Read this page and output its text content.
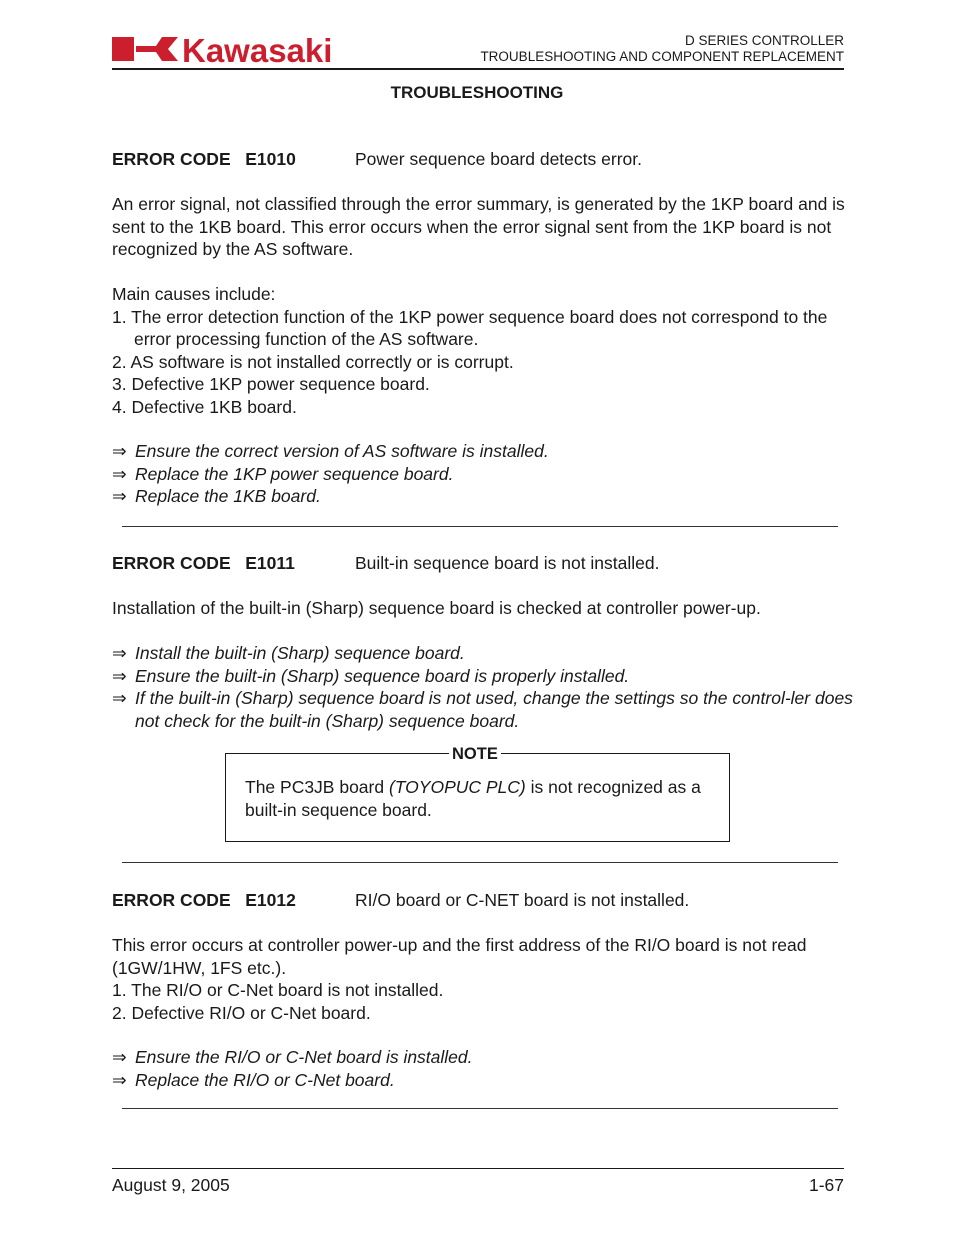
Kawasaki	D SERIES CONTROLLER
TROUBLESHOOTING AND COMPONENT REPLACEMENT
TROUBLESHOOTING
ERROR CODE   E1010	Power sequence board detects error.
An error signal, not classified through the error summary, is generated by the 1KP board and is sent to the 1KB board. This error occurs when the error signal sent from the 1KP board is not recognized by the AS software.
Main causes include:
1. The error detection function of the 1KP power sequence board does not correspond to the error processing function of the AS software.
2. AS software is not installed correctly or is corrupt.
3. Defective 1KP power sequence board.
4. Defective 1KB board.
⇒ Ensure the correct version of AS software is installed.
⇒ Replace the 1KP power sequence board.
⇒ Replace the 1KB board.
ERROR CODE   E1011	Built-in sequence board is not installed.
Installation of the built-in (Sharp) sequence board is checked at controller power-up.
⇒ Install the built-in (Sharp) sequence board.
⇒ Ensure the built-in (Sharp) sequence board is properly installed.
⇒ If the built-in (Sharp) sequence board is not used, change the settings so the control-ler does not check for the built-in (Sharp) sequence board.
NOTE
The PC3JB board (TOYOPUC PLC) is not recognized as a built-in sequence board.
ERROR CODE   E1012	RI/O board or C-NET board is not installed.
This error occurs at controller power-up and the first address of the RI/O board is not read (1GW/1HW, 1FS etc.).
1. The RI/O or C-Net board is not installed.
2. Defective RI/O or C-Net board.
⇒ Ensure the RI/O or C-Net board is installed.
⇒ Replace the RI/O or C-Net board.
August 9, 2005	1-67
